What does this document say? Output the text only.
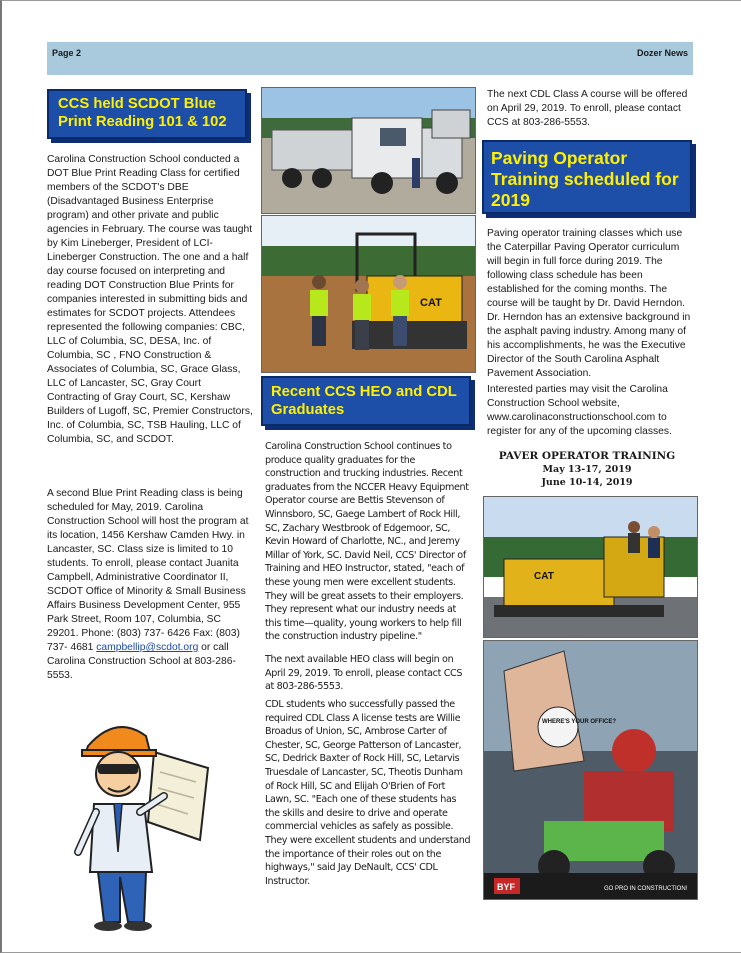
Page 2	Dozer News
CCS held SCDOT Blue Print Reading 101 & 102

Carolina Construction School conducted a DOT Blue Print Reading Class for certified members of the SCDOT's DBE (Disadvantaged Business Enterprise program) and other private and public agencies in February. The course was taught by Kim Lineberger, President of LCI-Lineberger Construction. The one and a half day course focused on interpreting and reading DOT Construction Blue Prints for companies interested in submitting bids and estimates for SCDOT projects. Attendees represented the following companies: CBC, LLC of Columbia, SC, DESA, Inc. of Columbia, SC , FNO Construction & Associates of Columbia, SC, Grace Glass, LLC of Lancaster, SC, Gray Court Contracting of Gray Court, SC, Kershaw Builders of Lugoff, SC, Premier Constructors, Inc. of Columbia, SC, TSB Hauling, LLC of Columbia, SC, and SCDOT.

A second Blue Print Reading class is being scheduled for May, 2019. Carolina Construction School will host the program at its location, 1456 Kershaw Camden Hwy. in Lancaster, SC. Class size is limited to 10 students. To enroll, please contact Juanita Campbell, Administrative Coordinator II, SCDOT Office of Minority & Small Business Affairs Business Development Center, 955 Park Street, Room 107, Columbia, SC 29201. Phone: (803) 737- 6426 Fax: (803) 737- 4681 campbellip@scdot.org or call Carolina Construction School at 803-286-5553.

CAT
Recent CCS HEO and CDL Graduates

Carolina Construction School continues to produce quality graduates for the construction and trucking industries. Recent graduates from the NCCER Heavy Equipment Operator course are Bettis Stevenson of Winnsboro, SC, Gaege Lambert of Rock Hill, SC, Zachary Westbrook of Edgemoor, SC, Kevin Howard of Charlotte, NC., and Jeremy Millar of York, SC. David Neil, CCS' Director of Training and HEO Instructor, stated, "each of these young men were excellent students. They will be great assets to their employers. They represent what our industry needs at this time—quality, young workers to help fill the construction industry pipeline."

The next available HEO class will begin on April 29, 2019. To enroll, please contact CCS at 803-286-5553.

CDL students who successfully passed the required CDL Class A license tests are Willie Broadus of Union, SC, Ambrose Carter of Chester, SC, George Patterson of Lancaster, SC, Dedrick Baxter of Rock Hill, SC, Letarvis Truesdale of Lancaster, SC, Theotis Dunham of Rock Hill, SC and Elijah O'Brien of Fort Lawn, SC. "Each one of these students has the skills and desire to drive and operate commercial vehicles as safely as possible. They were excellent students and understand the importance of their roles out on the highways," said Jay DeNault, CCS' CDL Instructor.

The next CDL Class A course will be offered on April 29, 2019. To enroll, please contact CCS at 803-286-5553.

Paving Operator Training scheduled for 2019

Paving operator training classes which use the Caterpillar Paving Operator curriculum will begin in full force during 2019. The following class schedule has been established for the coming months. The course will be taught by Dr. David Herndon. Dr. Herndon has an extensive background in the asphalt paving industry. Among many of his accomplishments, he was the Executive Director of the South Carolina Asphalt Pavement Association.

Interested parties may visit the Carolina Construction School website, www.carolinaconstructionschool.com to register for any of the upcoming classes.

PAVER OPERATOR TRAINING
May 13-17, 2019
June 10-14, 2019
CAT
BYF	GO PRO IN CONSTRUCTION!
WHERE'S YOUR OFFICE?
